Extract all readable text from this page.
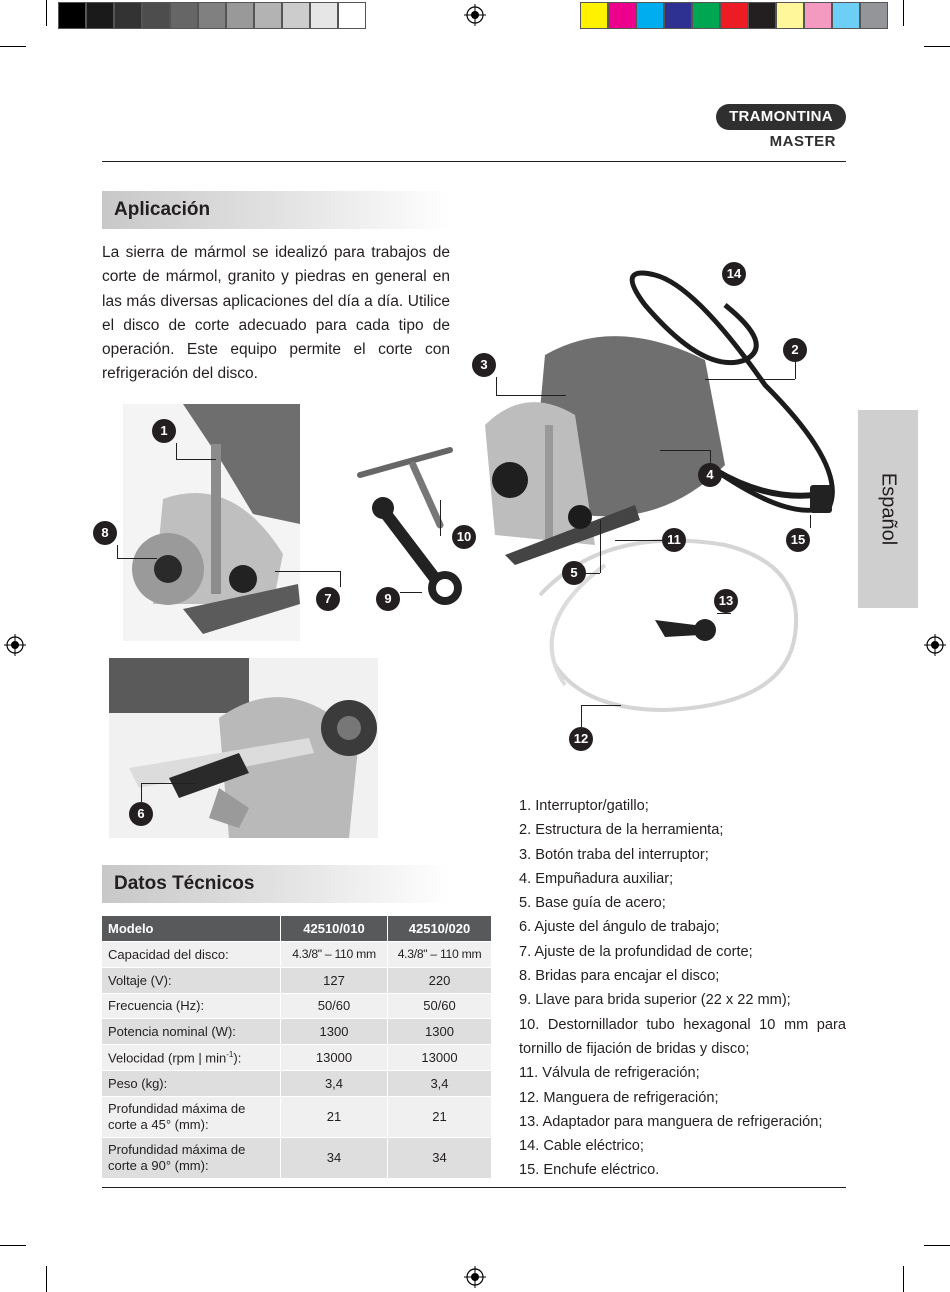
TRAMONTINA
MASTER
Español
Aplicación
La sierra de mármol se idealizó para trabajos de corte de mármol, granito y piedras en general en las más diversas aplicaciones del día a día. Utilice el disco de corte adecuado para cada tipo de operación. Este equipo permite el corte con refrigeración del disco.
1
8
7
10
9
3
2
14
4
11	15
5
13
12
6
Datos Técnicos
Modelo	42510/010	42510/020
Capacidad del disco:	4.3/8" – 110 mm	4.3/8" – 110 mm
Voltaje (V):	127	220
Frecuencia (Hz):	50/60	50/60
Potencia nominal (W):	1300	1300
Velocidad (rpm | $\min^{-1}$):	13000	13000
Peso (kg):	3,4	3,4
Profundidad máxima de corte a 45° (mm):	21	21
Profundidad máxima de corte a 90° (mm):	34	34
1. Interruptor/gatillo;
2. Estructura de la herramienta;
3. Botón traba del interruptor;
4. Empuñadura auxiliar;
5. Base guía de acero;
6. Ajuste del ángulo de trabajo;
7. Ajuste de la profundidad de corte;
8. Bridas para encajar el disco;
9. Llave para brida superior (22 x 22 mm);
10. Destornillador tubo hexagonal 10 mm para tornillo de fijación de bridas y disco;
11. Válvula de refrigeración;
12. Manguera de refrigeración;
13. Adaptador para manguera de refrigeración;
14. Cable eléctrico;
15. Enchufe eléctrico.
